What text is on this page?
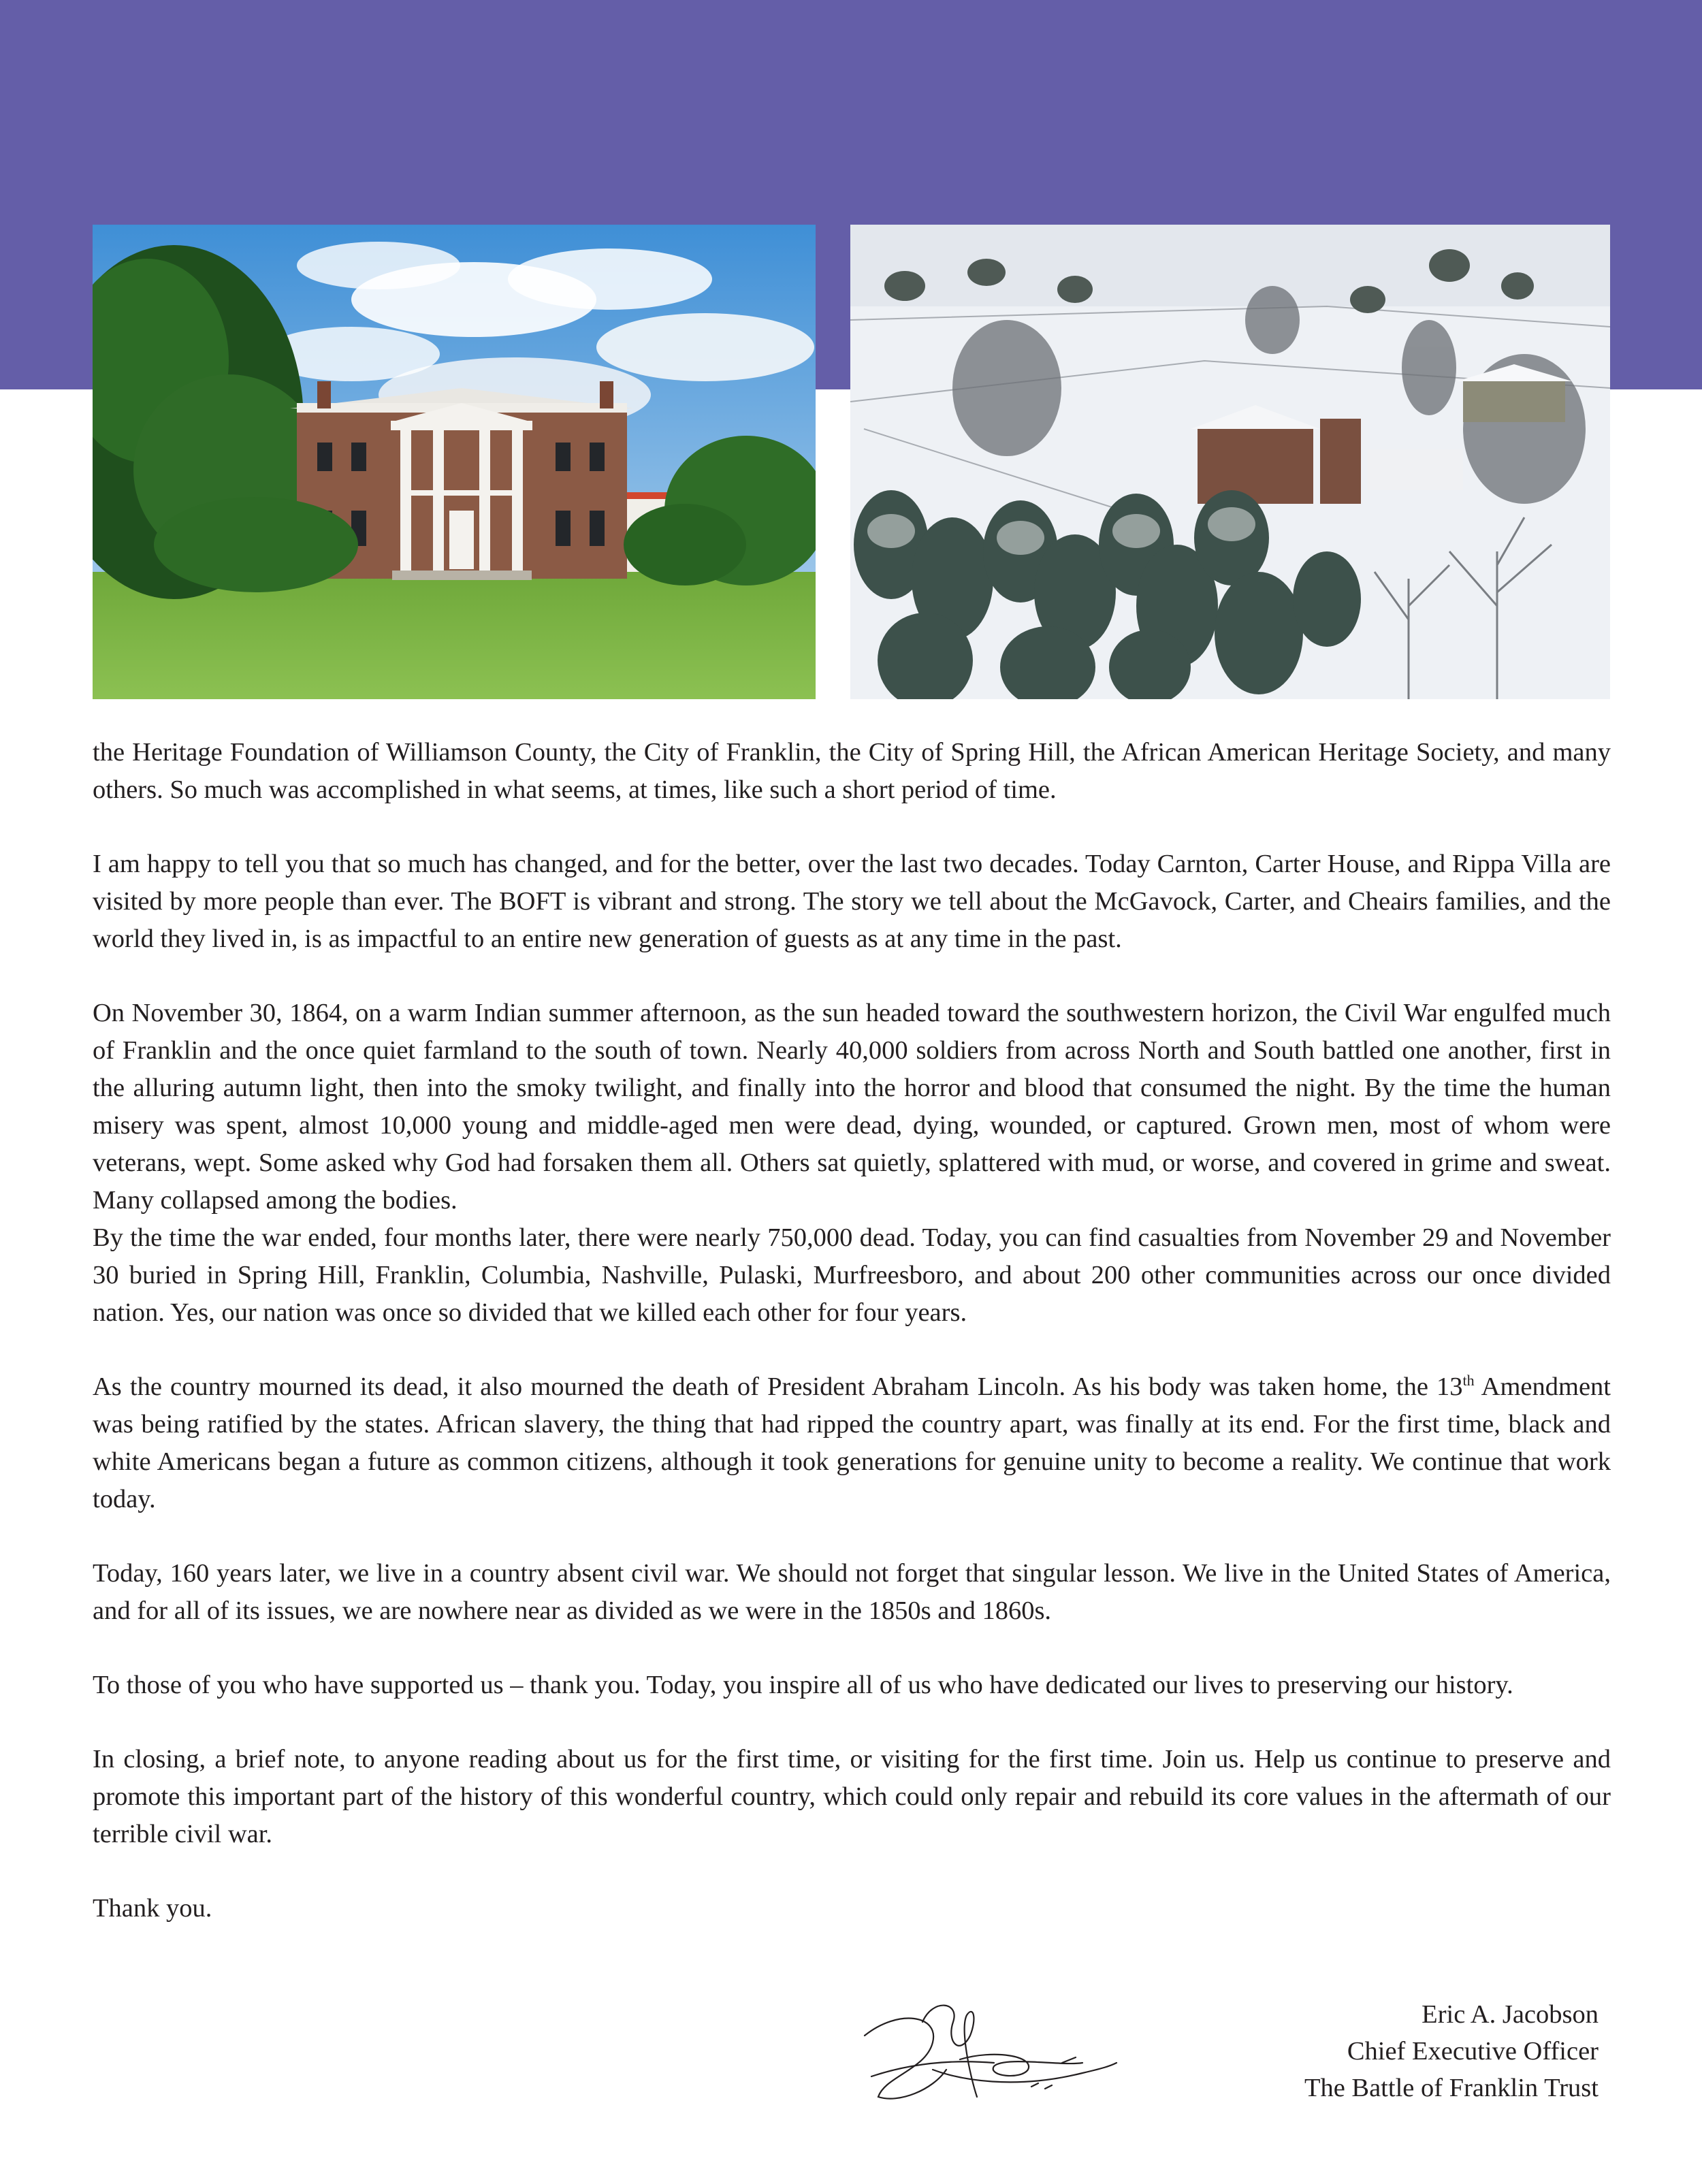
the Heritage Foundation of Williamson County, the City of Franklin, the City of Spring Hill, the African American Heritage Society, and many others. So much was accomplished in what seems, at times, like such a short period of time.

I am happy to tell you that so much has changed, and for the better, over the last two decades. Today Carnton, Carter House, and Rippa Villa are visited by more people than ever. The BOFT is vibrant and strong. The story we tell about the McGavock, Carter, and Cheairs families, and the world they lived in, is as impactful to an entire new generation of guests as at any time in the past.

On November 30, 1864, on a warm Indian summer afternoon, as the sun headed toward the southwestern horizon, the Civil War engulfed much of Franklin and the once quiet farmland to the south of town. Nearly 40,000 soldiers from across North and South battled one another, first in the alluring autumn light, then into the smoky twilight, and finally into the horror and blood that consumed the night. By the time the human misery was spent, almost 10,000 young and middle-aged men were dead, dying, wounded, or captured. Grown men, most of whom were veterans, wept. Some asked why God had forsaken them all. Others sat quietly, splattered with mud, or worse, and covered in grime and sweat. Many collapsed among the bodies.

By the time the war ended, four months later, there were nearly 750,000 dead. Today, you can find casualties from November 29 and November 30 buried in Spring Hill, Franklin, Columbia, Nashville, Pulaski, Murfreesboro, and about 200 other communities across our once divided nation. Yes, our nation was once so divided that we killed each other for four years.

As the country mourned its dead, it also mourned the death of President Abraham Lincoln. As his body was taken home, the 13th Amendment was being ratified by the states. African slavery, the thing that had ripped the country apart, was finally at its end. For the first time, black and white Americans began a future as common citizens, although it took generations for genuine unity to become a reality. We continue that work today.

Today, 160 years later, we live in a country absent civil war. We should not forget that singular lesson. We live in the United States of America, and for all of its issues, we are nowhere near as divided as we were in the 1850s and 1860s.

To those of you who have supported us – thank you. Today, you inspire all of us who have dedicated our lives to preserving our history.

In closing, a brief note, to anyone reading about us for the first time, or visiting for the first time. Join us. Help us continue to preserve and promote this important part of the history of this wonderful country, which could only repair and rebuild its core values in the aftermath of our terrible civil war.

Thank you.

Eric A. Jacobson
Chief Executive Officer
The Battle of Franklin Trust
